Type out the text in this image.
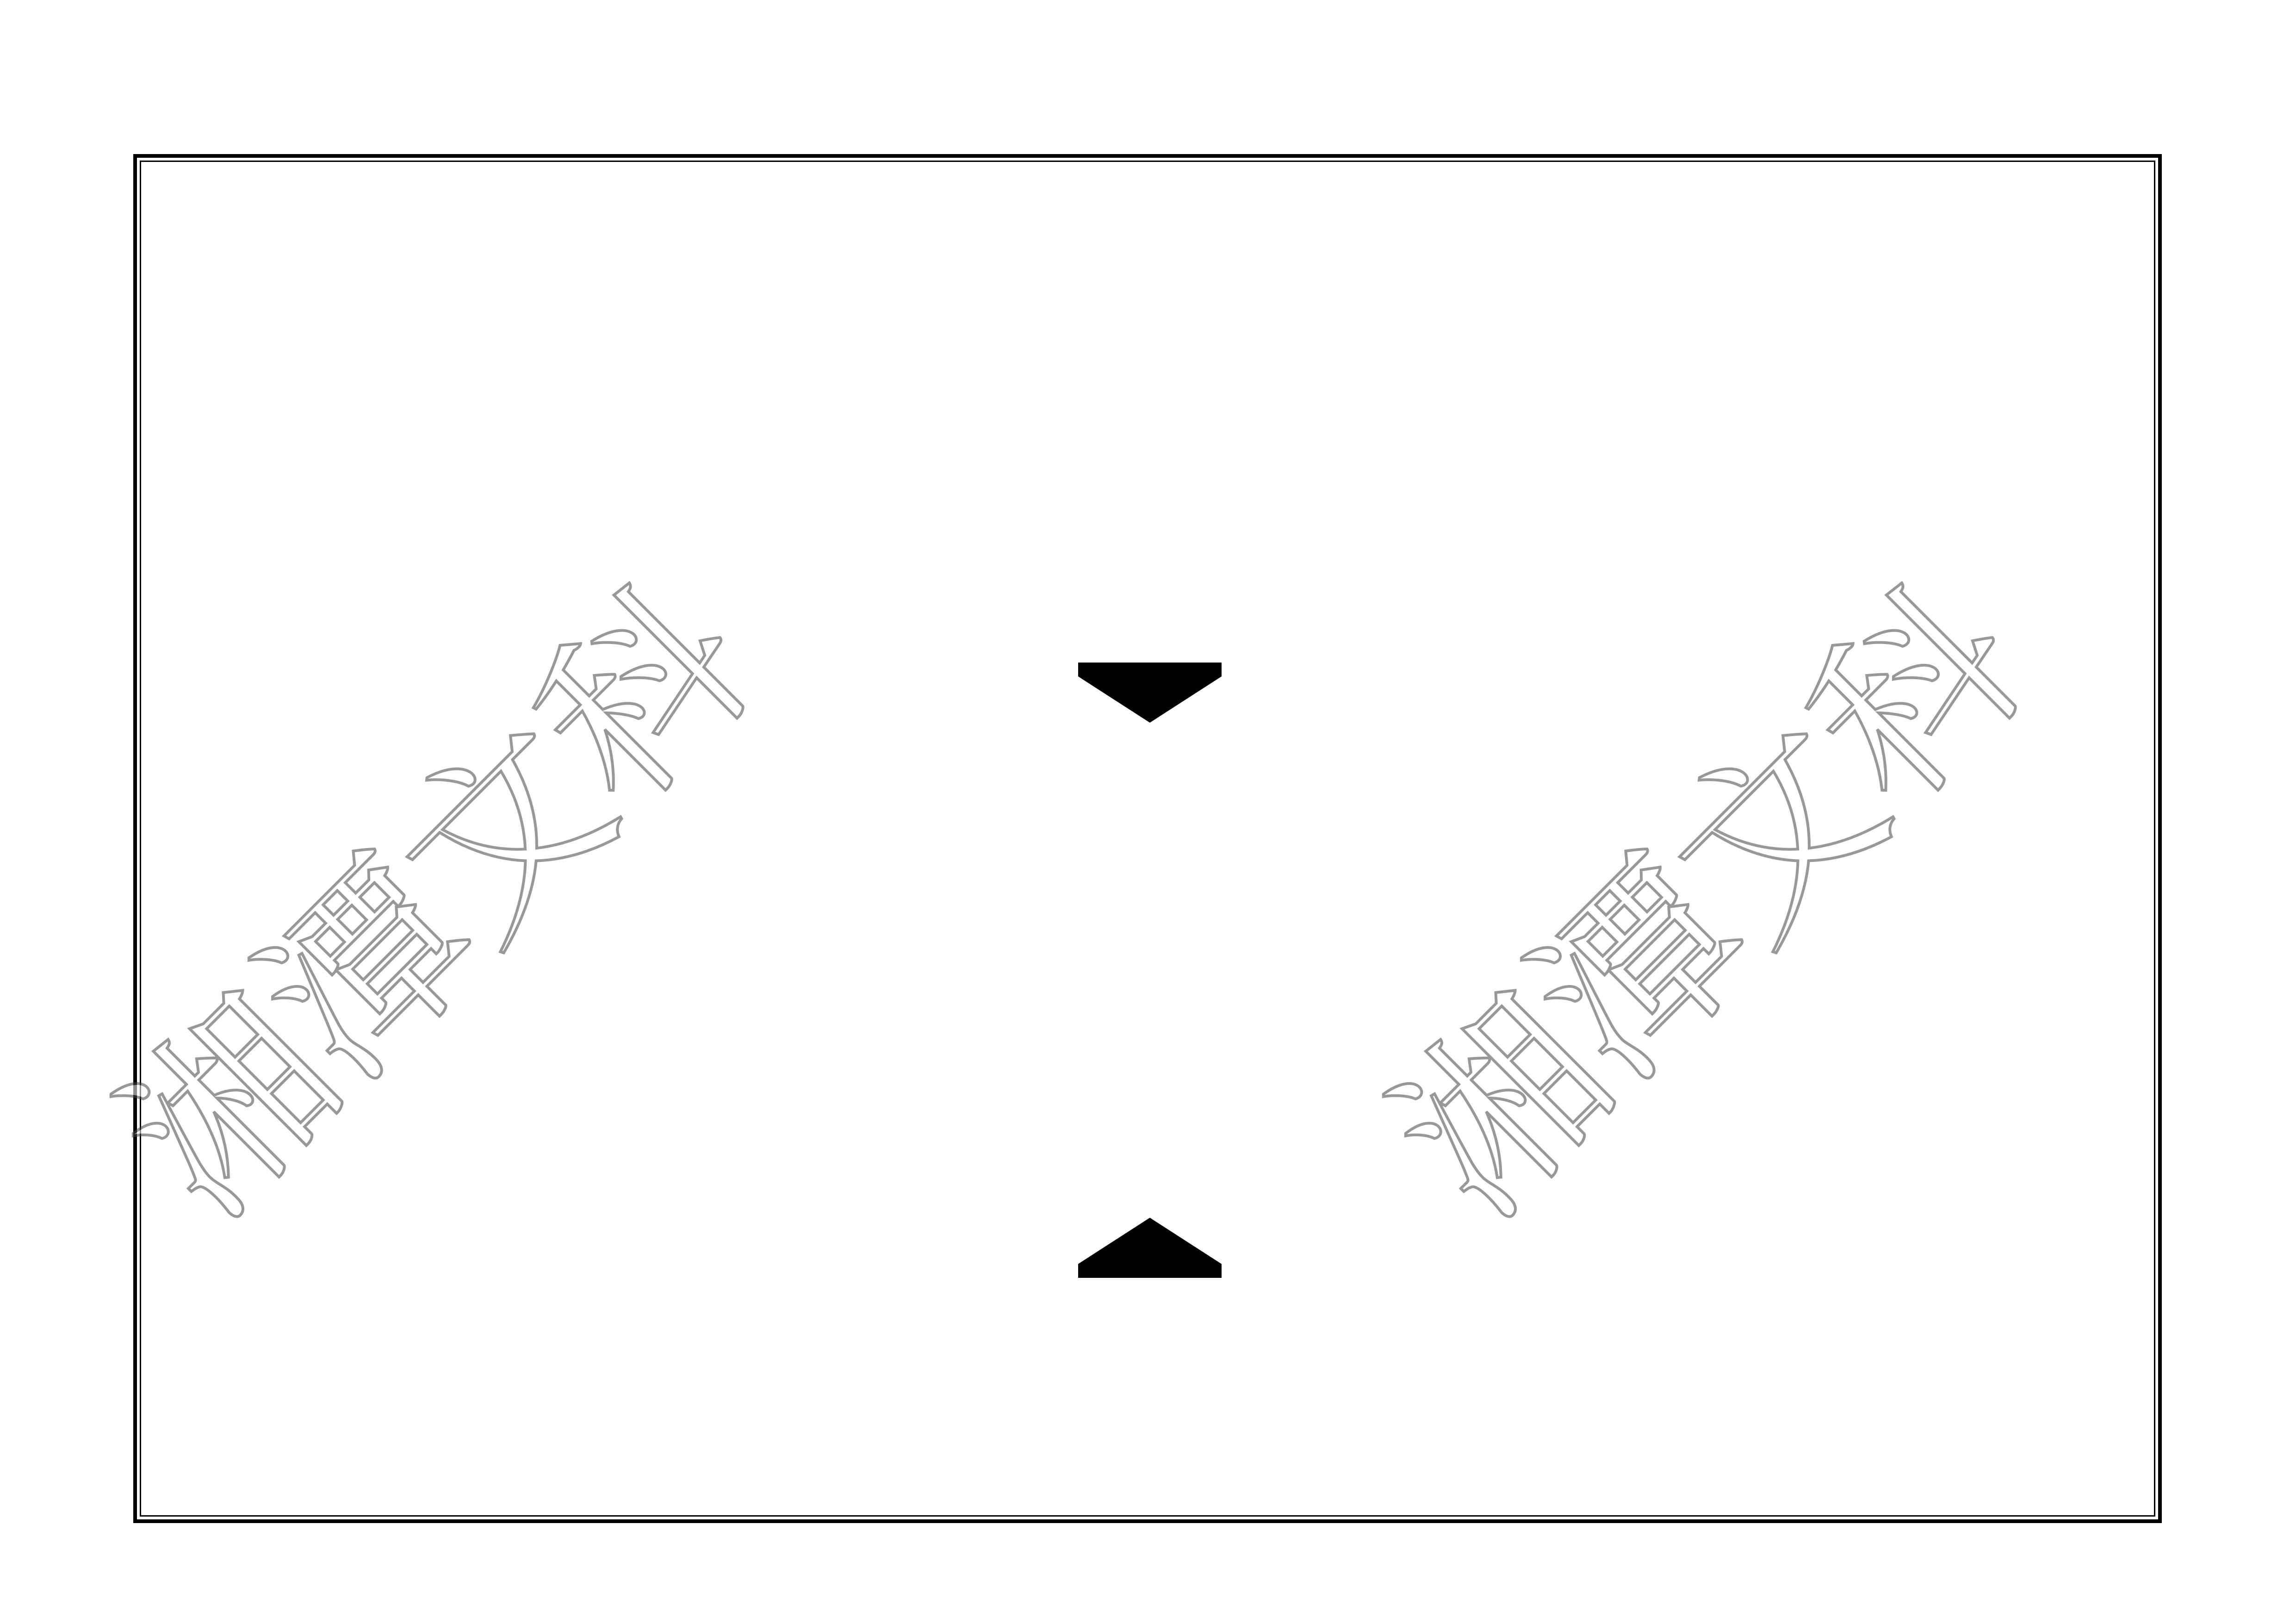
湘潭文科	湘潭文科
